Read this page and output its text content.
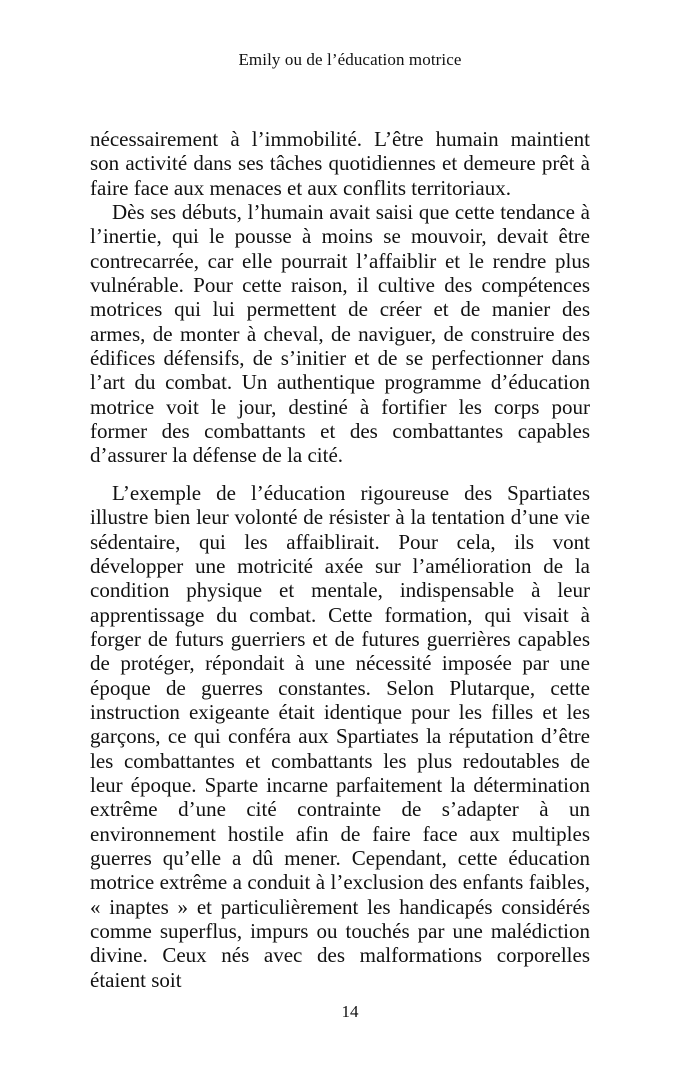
Emily ou de l’éducation motrice

nécessairement à l’immobilité. L’être humain maintient son activité dans ses tâches quotidiennes et demeure prêt à faire face aux menaces et aux conflits territoriaux.

Dès ses débuts, l’humain avait saisi que cette tendance à l’inertie, qui le pousse à moins se mouvoir, devait être contrecarrée, car elle pourrait l’affaiblir et le rendre plus vulnérable. Pour cette raison, il cultive des compétences motrices qui lui permettent de créer et de manier des armes, de monter à cheval, de naviguer, de construire des édifices défensifs, de s’initier et de se perfectionner dans l’art du combat. Un authentique programme d’éducation motrice voit le jour, destiné à fortifier les corps pour former des combattants et des combattantes capables d’assurer la défense de la cité.

L’exemple de l’éducation rigoureuse des Spartiates illustre bien leur volonté de résister à la tentation d’une vie sédentaire, qui les affaiblirait. Pour cela, ils vont développer une motricité axée sur l’amélioration de la condition physique et mentale, indispensable à leur apprentissage du combat. Cette formation, qui visait à forger de futurs guerriers et de futures guerrières capables de protéger, répondait à une nécessité imposée par une époque de guerres constantes. Selon Plutarque, cette instruction exigeante était identique pour les filles et les garçons, ce qui conféra aux Spartiates la réputation d’être les combattantes et combattants les plus redoutables de leur époque. Sparte incarne parfaitement la détermination extrême d’une cité contrainte de s’adapter à un environnement hostile afin de faire face aux multiples guerres qu’elle a dû mener. Cependant, cette éducation motrice extrême a conduit à l’exclusion des enfants faibles, « inaptes » et particulièrement les handicapés considérés comme superflus, impurs ou touchés par une malédiction divine. Ceux nés avec des malformations corporelles étaient soit

14
